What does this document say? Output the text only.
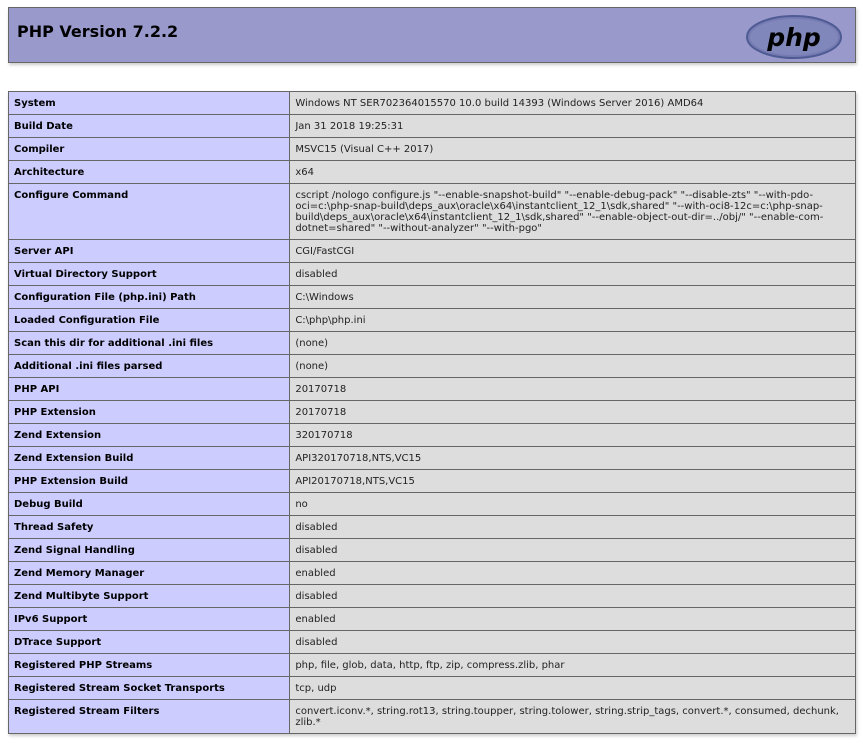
PHP Version 7.2.2	php
System	Windows NT SER702364015570 10.0 build 14393 (Windows Server 2016) AMD64
Build Date	Jan 31 2018 19:25:31
Compiler	MSVC15 (Visual C++ 2017)
Architecture	x64
Configure Command	cscript /nologo configure.js "--enable-snapshot-build" "--enable-debug-pack" "--disable-zts" "--with-pdo-oci=c:\php-snap-build\deps_aux\oracle\x64\instantclient_12_1\sdk,shared" "--with-oci8-12c=c:\php-snap-build\deps_aux\oracle\x64\instantclient_12_1\sdk,shared" "--enable-object-out-dir=../obj/" "--enable-com-dotnet=shared" "--without-analyzer" "--with-pgo"
Server API	CGI/FastCGI
Virtual Directory Support	disabled
Configuration File (php.ini) Path	C:\Windows
Loaded Configuration File	C:\php\php.ini
Scan this dir for additional .ini files	(none)
Additional .ini files parsed	(none)
PHP API	20170718
PHP Extension	20170718
Zend Extension	320170718
Zend Extension Build	API320170718,NTS,VC15
PHP Extension Build	API20170718,NTS,VC15
Debug Build	no
Thread Safety	disabled
Zend Signal Handling	disabled
Zend Memory Manager	enabled
Zend Multibyte Support	disabled
IPv6 Support	enabled
DTrace Support	disabled
Registered PHP Streams	php, file, glob, data, http, ftp, zip, compress.zlib, phar
Registered Stream Socket Transports	tcp, udp
Registered Stream Filters	convert.iconv.*, string.rot13, string.toupper, string.tolower, string.strip_tags, convert.*, consumed, dechunk, zlib.*
